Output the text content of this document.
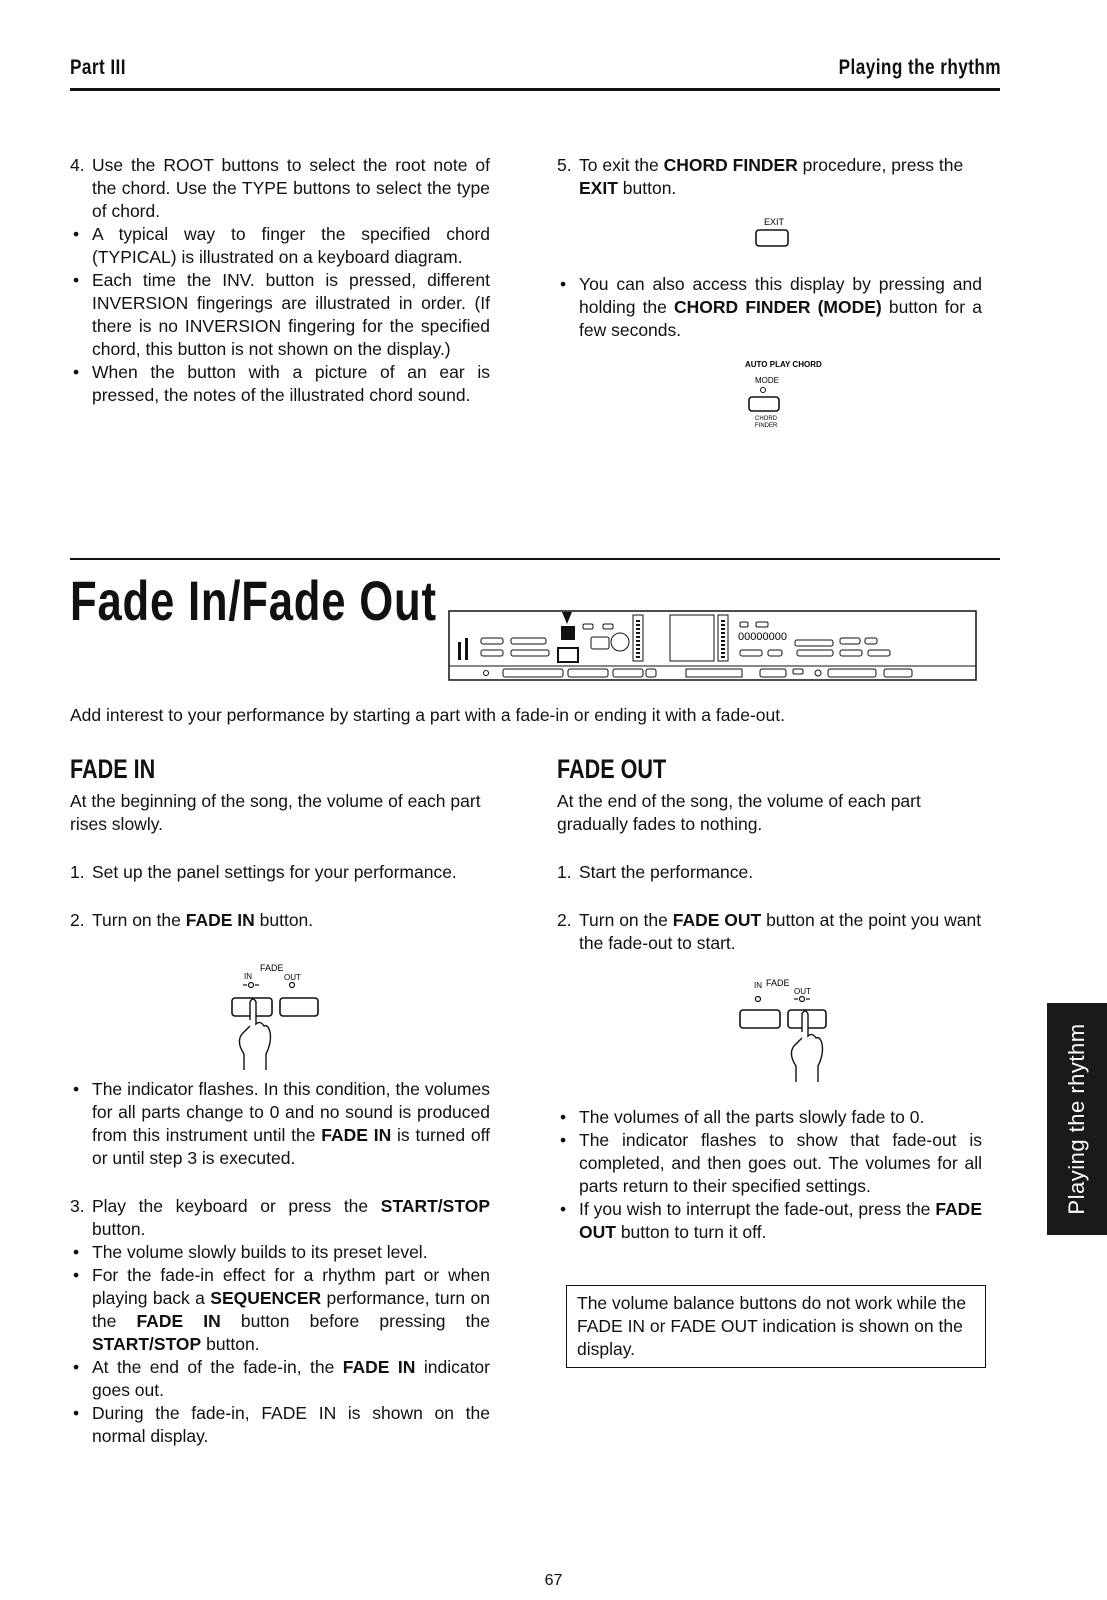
Part III	Playing the rhythm
4. Use the ROOT buttons to select the root note of the chord. Use the TYPE buttons to select the type of chord.
• A typical way to finger the specified chord (TYPICAL) is illustrated on a keyboard diagram.
• Each time the INV. button is pressed, different INVERSION fingerings are illustrated in order. (If there is no INVERSION fingering for the specified chord, this button is not shown on the display.)
• When the button with a picture of an ear is pressed, the notes of the illustrated chord sound.
5. To exit the CHORD FINDER procedure, press the EXIT button.
EXIT
• You can also access this display by pressing and holding the CHORD FINDER (MODE) button for a few seconds.
AUTO PLAY CHORD
MODE
CHORD
FINDER
Fade In/Fade Out
00000000
Add interest to your performance by starting a part with a fade-in or ending it with a fade-out.
FADE IN	FADE OUT
At the beginning of the song, the volume of each part rises slowly.
1. Set up the panel settings for your performance.
2. Turn on the FADE IN button.
FADE
IN	OUT
• The indicator flashes. In this condition, the volumes for all parts change to 0 and no sound is produced from this instrument until the FADE IN is turned off or until step 3 is executed.
3. Play the keyboard or press the START/STOP button.
• The volume slowly builds to its preset level.
• For the fade-in effect for a rhythm part or when playing back a SEQUENCER performance, turn on the FADE IN button before pressing the START/STOP button.
• At the end of the fade-in, the FADE IN indicator goes out.
• During the fade-in, FADE IN is shown on the normal display.
At the end of the song, the volume of each part gradually fades to nothing.
1. Start the performance.
2. Turn on the FADE OUT button at the point you want the fade-out to start.
FADE
IN
OUT
• The volumes of all the parts slowly fade to 0.
• The indicator flashes to show that fade-out is completed, and then goes out. The volumes for all parts return to their specified settings.
• If you wish to interrupt the fade-out, press the FADE OUT button to turn it off.
The volume balance buttons do not work while the FADE IN or FADE OUT indication is shown on the display.
Playing the rhythm
67
